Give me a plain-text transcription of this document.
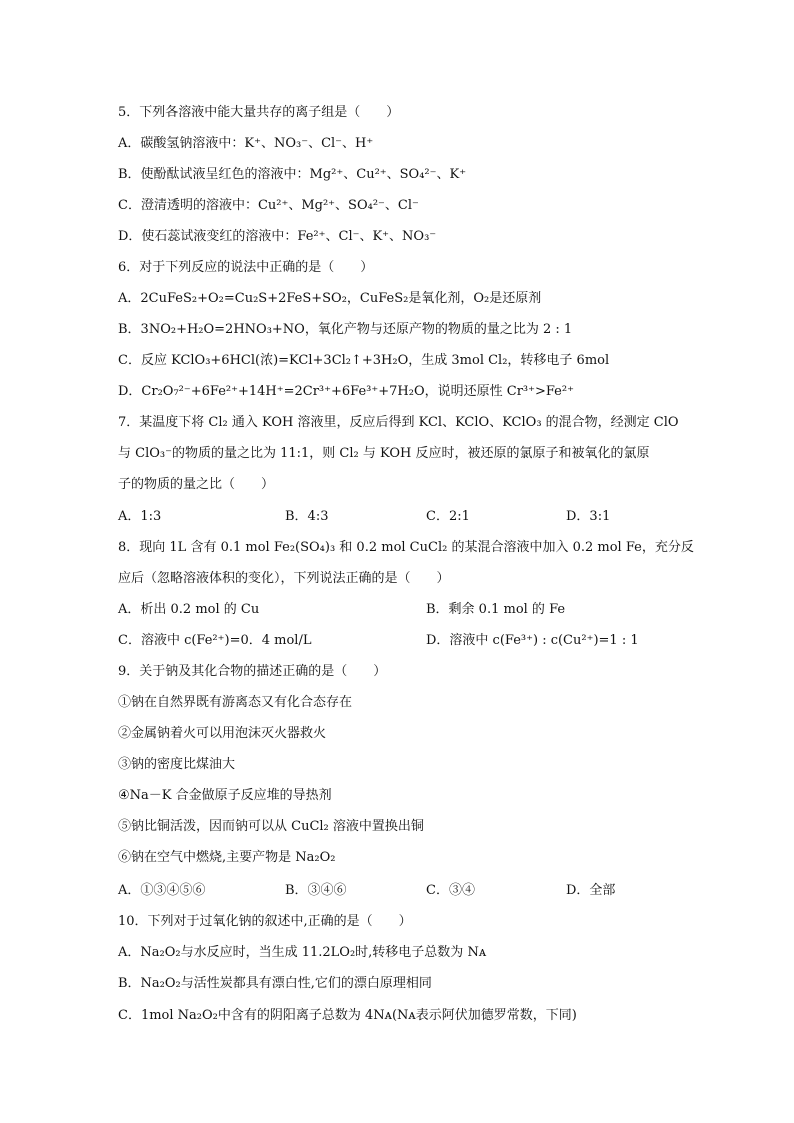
5．下列各溶液中能大量共存的离子组是（　　）
A．碳酸氢钠溶液中：K⁺、NO₃⁻、Cl⁻、H⁺
B．使酚酞试液呈红色的溶液中：Mg²⁺、Cu²⁺、SO₄²⁻、K⁺
C．澄清透明的溶液中：Cu²⁺、Mg²⁺、SO₄²⁻、Cl⁻
D．使石蕊试液变红的溶液中：Fe²⁺、Cl⁻、K⁺、NO₃⁻
6．对于下列反应的说法中正确的是（　　）
A．2CuFeS₂+O₂=Cu₂S+2FeS+SO₂，CuFeS₂是氧化剂，O₂是还原剂
B．3NO₂+H₂O=2HNO₃+NO，氧化产物与还原产物的物质的量之比为 2 : 1
C．反应 KClO₃+6HCl(浓)=KCl+3Cl₂↑+3H₂O，生成 3mol Cl₂，转移电子 6mol
D．Cr₂O₇²⁻+6Fe²⁺+14H⁺=2Cr³⁺+6Fe³⁺+7H₂O，说明还原性 Cr³⁺>Fe²⁺
7．某温度下将 Cl₂ 通入 KOH 溶液里，反应后得到 KCl、KClO、KClO₃ 的混合物，经测定 ClO
与 ClO₃⁻的物质的量之比为 11:1，则 Cl₂ 与 KOH 反应时，被还原的氯原子和被氧化的氯原
子的物质的量之比（　　）
A．1:3	B．4:3	C．2:1	D．3:1
8．现向 1L 含有 0.1 mol Fe₂(SO₄)₃ 和 0.2 mol CuCl₂ 的某混合溶液中加入 0.2 mol Fe，充分反
应后（忽略溶液体积的变化），下列说法正确的是（　　）
A．析出 0.2 mol 的 Cu	B．剩余 0.1 mol 的 Fe
C．溶液中 c(Fe²⁺)=0．4 mol/L	D．溶液中 c(Fe³⁺) : c(Cu²⁺)=1 : 1
9．关于钠及其化合物的描述正确的是（　　）
①钠在自然界既有游离态又有化合态存在
②金属钠着火可以用泡沫灭火器救火
③钠的密度比煤油大
④Na－K 合金做原子反应堆的导热剂
⑤钠比铜活泼，因而钠可以从 CuCl₂ 溶液中置换出铜
⑥钠在空气中燃烧,主要产物是 Na₂O₂
A．①③④⑤⑥	B．③④⑥	C．③④	D．全部
10．下列对于过氧化钠的叙述中,正确的是（　　）
A．Na₂O₂与水反应时，当生成 11.2LO₂时,转移电子总数为 Nᴀ
B．Na₂O₂与活性炭都具有漂白性,它们的漂白原理相同
C．1mol Na₂O₂中含有的阴阳离子总数为 4Nᴀ(Nᴀ表示阿伏加德罗常数，下同)
